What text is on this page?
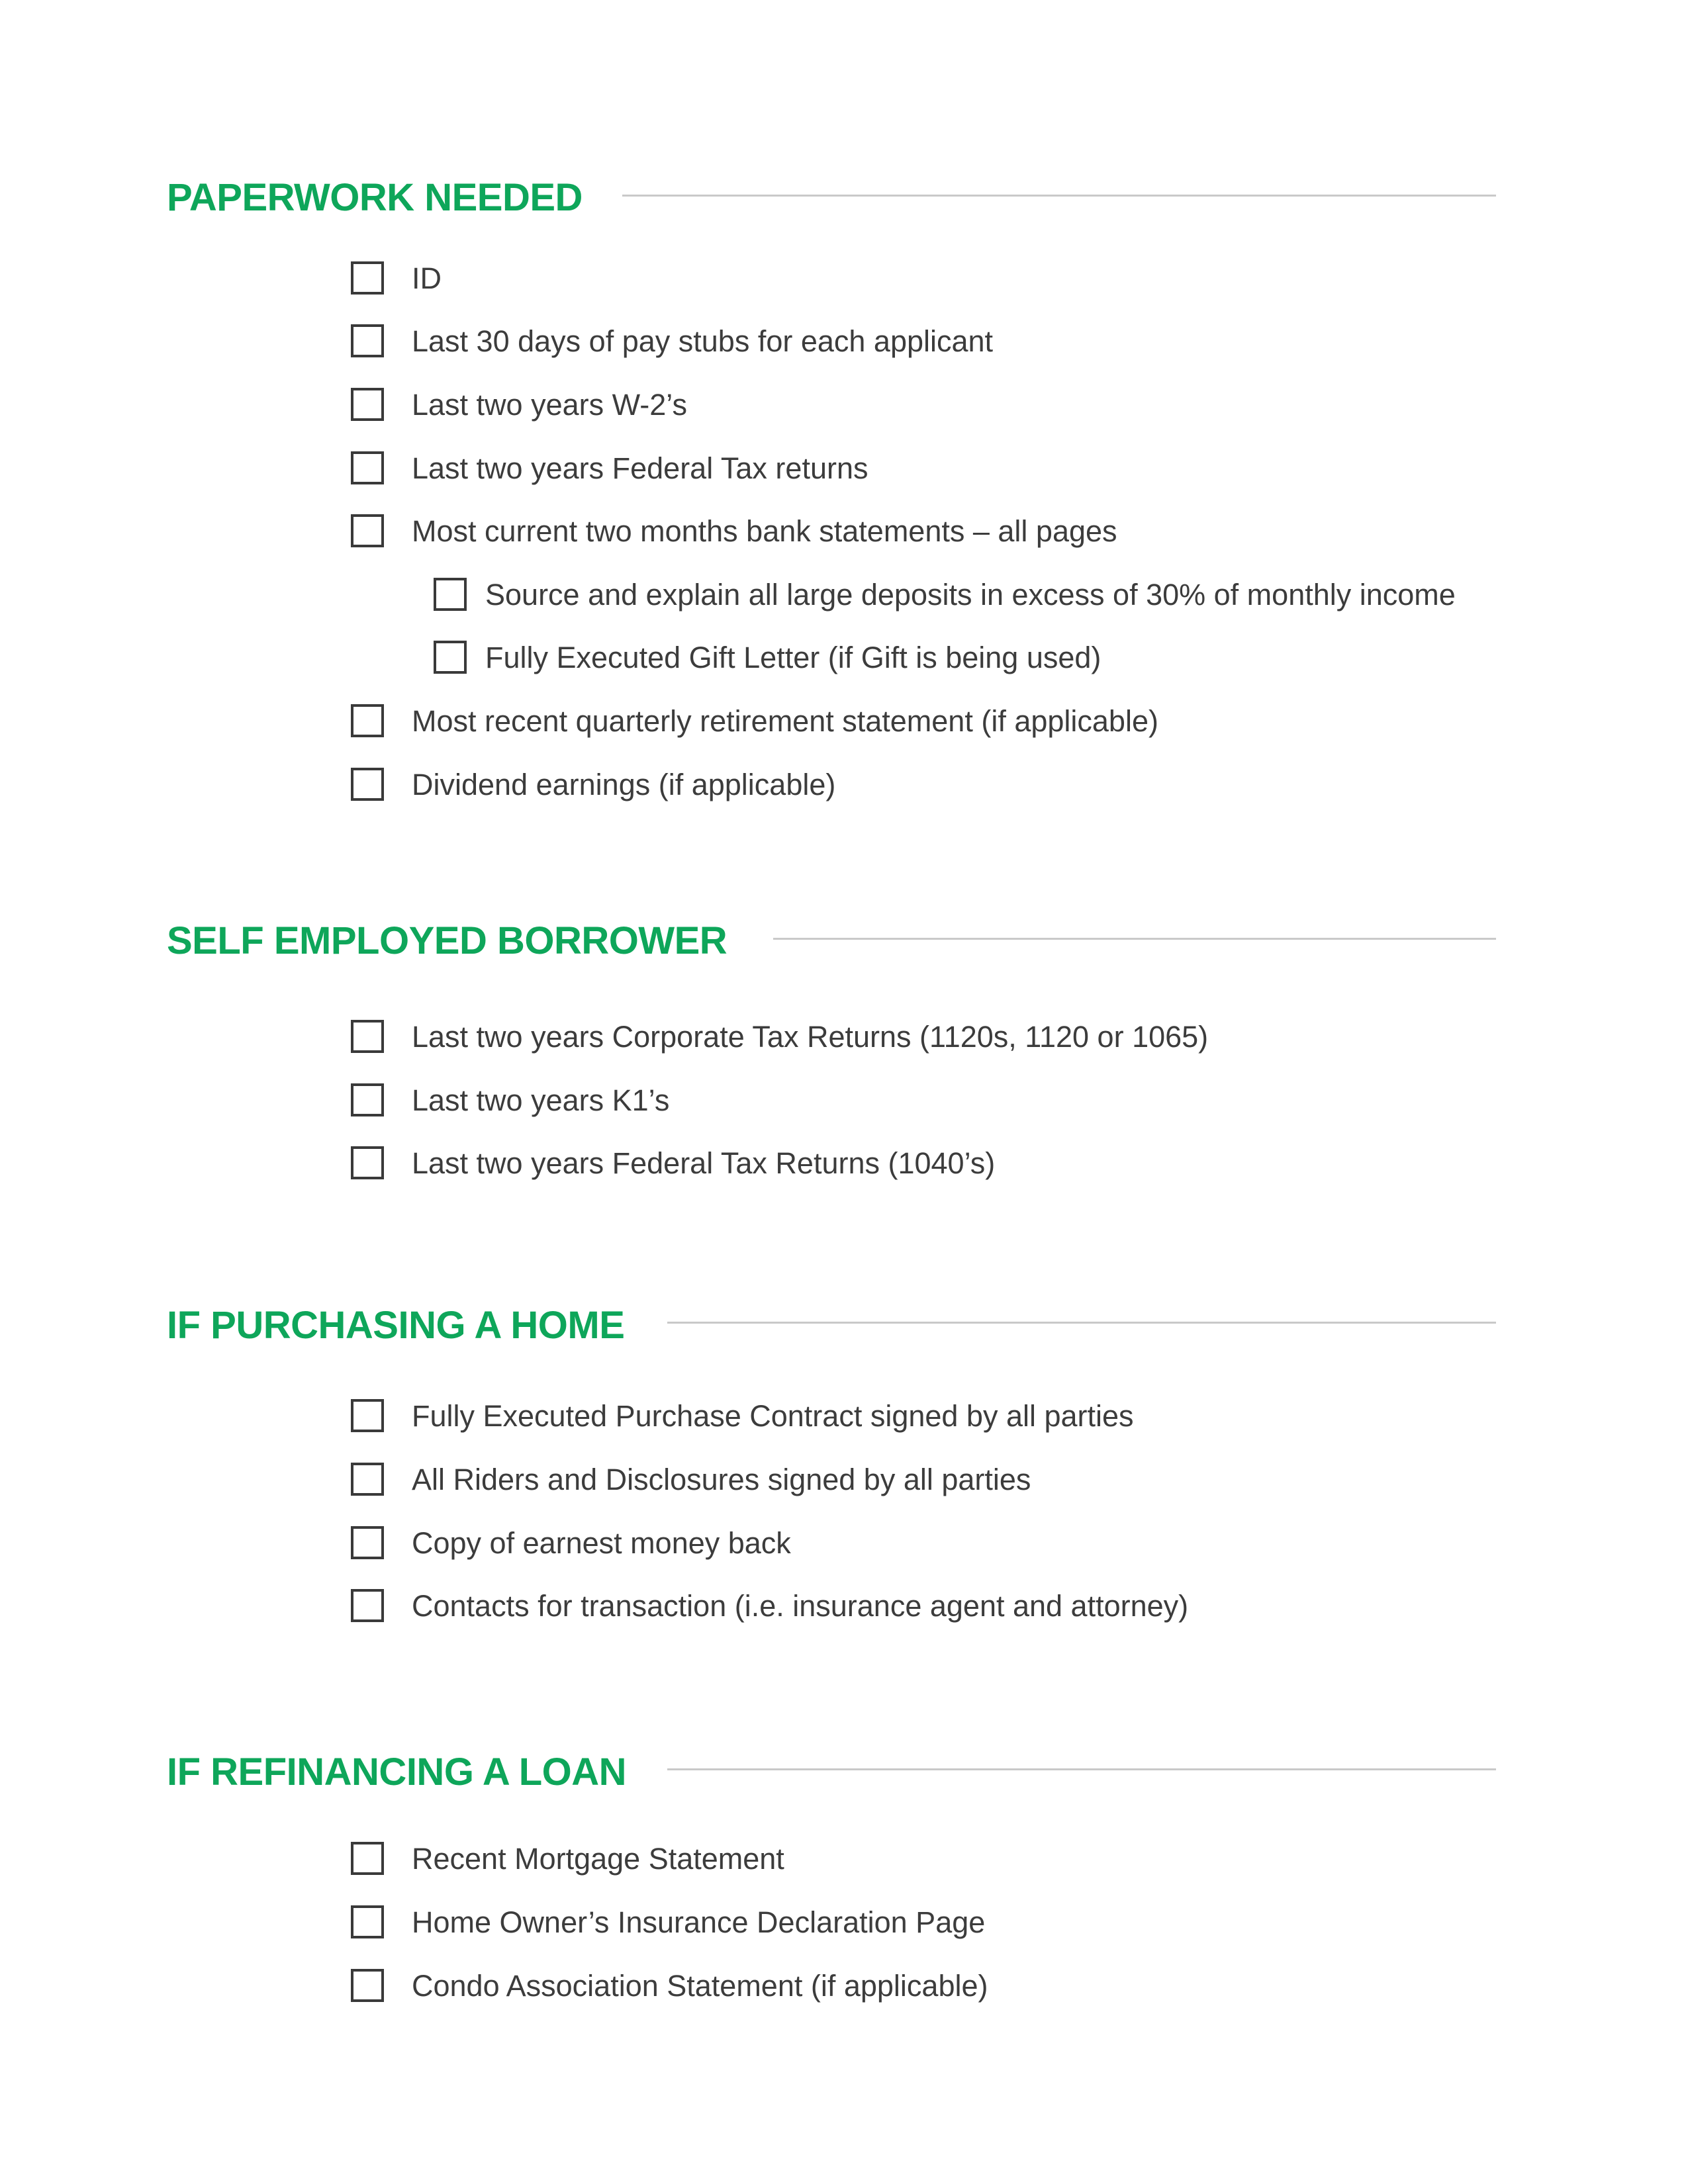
PAPERWORK NEEDED
ID
Last 30 days of pay stubs for each applicant
Last two years W-2’s
Last two years Federal Tax returns
Most current two months bank statements – all pages
Source and explain all large deposits in excess of 30% of monthly income
Fully Executed Gift Letter (if Gift is being used)
Most recent quarterly retirement statement (if applicable)
Dividend earnings (if applicable)
SELF EMPLOYED BORROWER
Last two years Corporate Tax Returns (1120s, 1120 or 1065)
Last two years K1’s
Last two years Federal Tax Returns (1040’s)
IF PURCHASING A HOME
Fully Executed Purchase Contract signed by all parties
All Riders and Disclosures signed by all parties
Copy of earnest money back
Contacts for transaction (i.e. insurance agent and attorney)
IF REFINANCING A LOAN
Recent Mortgage Statement
Home Owner’s Insurance Declaration Page
Condo Association Statement (if applicable)
